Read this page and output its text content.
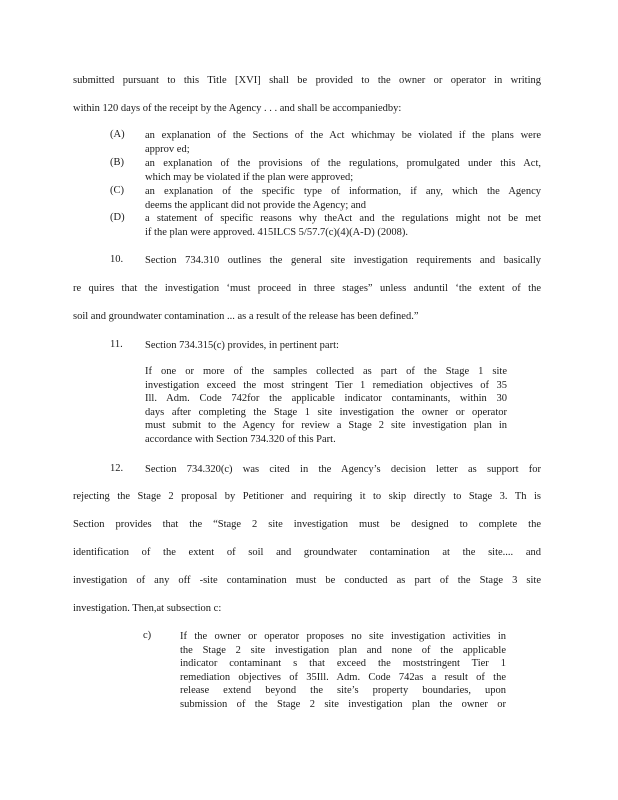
submitted pursuant to this Title [XVI] shall be provided to the owner or operator in writing
within 120 days of the receipt by the Agency . . . and shall be accompaniedby:
(A)	an explanation of the Sections of the Act whichmay be violated if the plans were
approv ed;
(B)	an explanation of the provisions of the regulations, promulgated under this Act,
which may be violated if the plan were approved;
(C)	an explanation of the specific type of information, if any, which the Agency
deems the applicant did not provide the Agency; and
(D)	a statement of specific reasons why theAct and the regulations might not be met
if the plan were approved. 415ILCS 5/57.7(c)(4)(A-D) (2008).
10. Section 734.310 outlines the general site investigation requirements and basically
re quires that the investigation ‘must proceed in three stages” unless anduntil ‘the extent of the
soil and groundwater contamination ... as a result of the release has been defined.”
11. Section 734.315(c) provides, in pertinent part:
If one or more of the samples collected as part of the Stage 1 site
investigation exceed the most stringent Tier 1 remediation objectives of 35
Ill. Adm. Code 742for the applicable indicator contaminants, within 30
days after completing the Stage 1 site investigation the owner or operator
must submit to the Agency for review a Stage 2 site investigation plan in
accordance with Section 734.320 of this Part.
12. Section 734.320(c) was cited in the Agency’s decision letter as support for
rejecting the Stage 2 proposal by Petitioner and requiring it to skip directly to Stage 3. Th is
Section provides that the “Stage 2 site investigation must be designed to complete the
identification of the extent of soil and groundwater contamination at the site.... and
investigation of any off -site contamination must be conducted as part of the Stage 3 site
investigation. Then,at subsection c:
c)	If the owner or operator proposes no site investigation activities in
the Stage 2 site investigation plan and none of the applicable
indicator contaminant s that exceed the moststringent Tier 1
remediation objectives of 35Ill. Adm. Code 742as a result of the
release extend beyond the site’s property boundaries, upon
submission of the Stage 2 site investigation plan the owner or
